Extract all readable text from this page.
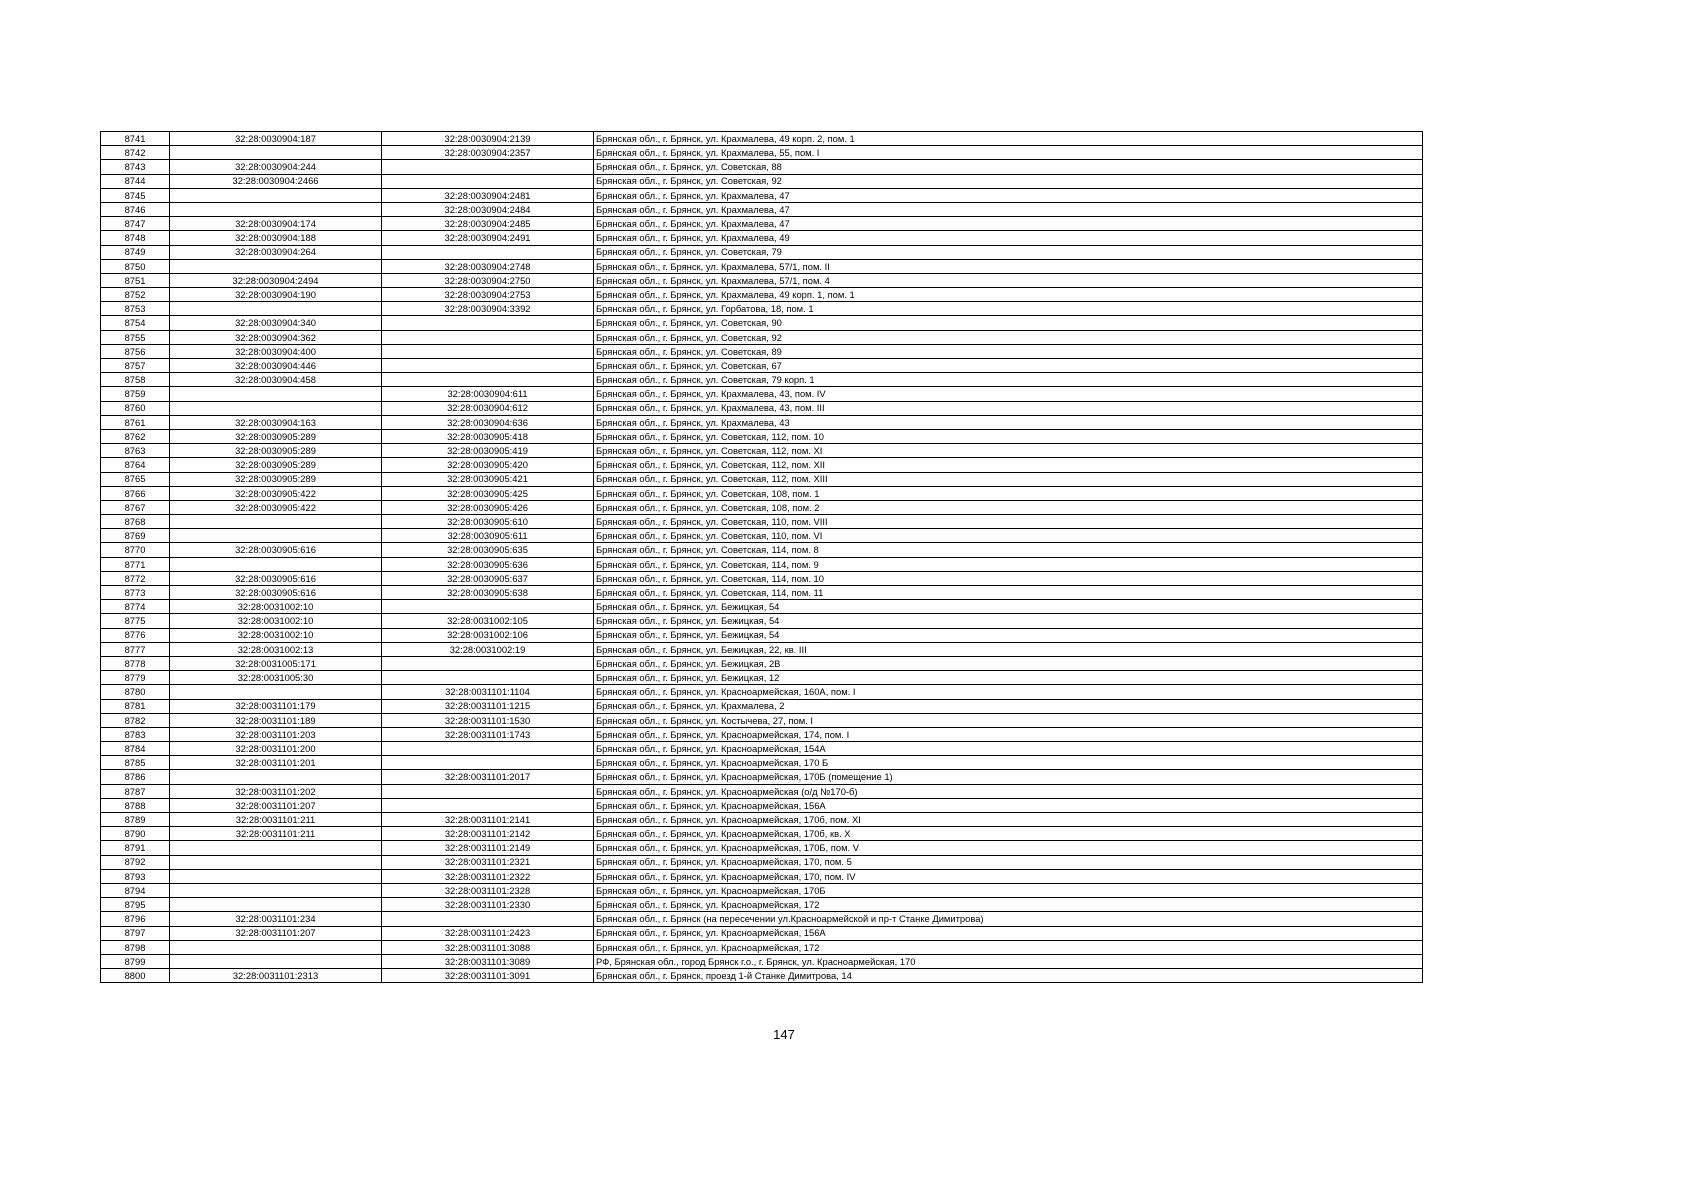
8741	32:28:0030904:187	32:28:0030904:2139	Брянская обл., г. Брянск, ул. Крахмалева, 49 корп. 2, пом. 1
8742		32:28:0030904:2357	Брянская обл., г. Брянск, ул. Крахмалева, 55, пом. I
8743	32:28:0030904:244		Брянская обл., г. Брянск, ул. Советская, 88
8744	32:28:0030904:2466		Брянская обл., г. Брянск, ул. Советская, 92
8745		32:28:0030904:2481	Брянская обл., г. Брянск, ул. Крахмалева, 47
8746		32:28:0030904:2484	Брянская обл., г. Брянск, ул. Крахмалева, 47
8747	32:28:0030904:174	32:28:0030904:2485	Брянская обл., г. Брянск, ул. Крахмалева, 47
8748	32:28:0030904:188	32:28:0030904:2491	Брянская обл., г. Брянск, ул. Крахмалева, 49
8749	32:28:0030904:264		Брянская обл., г. Брянск, ул. Советская, 79
8750		32:28:0030904:2748	Брянская обл., г. Брянск, ул. Крахмалева, 57/1, пом. II
8751	32:28:0030904:2494	32:28:0030904:2750	Брянская обл., г. Брянск, ул. Крахмалева, 57/1, пом. 4
8752	32:28:0030904:190	32:28:0030904:2753	Брянская обл., г. Брянск, ул. Крахмалева, 49 корп. 1, пом. 1
8753		32:28:0030904:3392	Брянская обл., г. Брянск, ул. Горбатова, 18, пом. 1
8754	32:28:0030904:340		Брянская обл., г. Брянск, ул. Советская, 90
8755	32:28:0030904:362		Брянская обл., г. Брянск, ул. Советская, 92
8756	32:28:0030904:400		Брянская обл., г. Брянск, ул. Советская, 89
8757	32:28:0030904:446		Брянская обл., г. Брянск, ул. Советская, 67
8758	32:28:0030904:458		Брянская обл., г. Брянск, ул. Советская, 79 корп. 1
8759		32:28:0030904:611	Брянская обл., г. Брянск, ул. Крахмалева, 43, пом. IV
8760		32:28:0030904:612	Брянская обл., г. Брянск, ул. Крахмалева, 43, пом. III
8761	32:28:0030904:163	32:28:0030904:636	Брянская обл., г. Брянск, ул. Крахмалева, 43
8762	32:28:0030905:289	32:28:0030905:418	Брянская обл., г. Брянск, ул. Советская, 112, пом. 10
8763	32:28:0030905:289	32:28:0030905:419	Брянская обл., г. Брянск, ул. Советская, 112, пом. XI
8764	32:28:0030905:289	32:28:0030905:420	Брянская обл., г. Брянск, ул. Советская, 112, пом. XII
8765	32:28:0030905:289	32:28:0030905:421	Брянская обл., г. Брянск, ул. Советская, 112, пом. XIII
8766	32:28:0030905:422	32:28:0030905:425	Брянская обл., г. Брянск, ул. Советская, 108, пом. 1
8767	32:28:0030905:422	32:28:0030905:426	Брянская обл., г. Брянск, ул. Советская, 108, пом. 2
8768		32:28:0030905:610	Брянская обл., г. Брянск, ул. Советская, 110, пом. VIII
8769		32:28:0030905:611	Брянская обл., г. Брянск, ул. Советская, 110, пом. VI
8770	32:28:0030905:616	32:28:0030905:635	Брянская обл., г. Брянск, ул. Советская, 114, пом. 8
8771		32:28:0030905:636	Брянская обл., г. Брянск, ул. Советская, 114, пом. 9
8772	32:28:0030905:616	32:28:0030905:637	Брянская обл., г. Брянск, ул. Советская, 114, пом. 10
8773	32:28:0030905:616	32:28:0030905:638	Брянская обл., г. Брянск, ул. Советская, 114, пом. 11
8774	32:28:0031002:10		Брянская обл., г. Брянск, ул. Бежицкая, 54
8775	32:28:0031002:10	32:28:0031002:105	Брянская обл., г. Брянск, ул. Бежицкая, 54
8776	32:28:0031002:10	32:28:0031002:106	Брянская обл., г. Брянск, ул. Бежицкая, 54
8777	32:28:0031002:13	32:28:0031002:19	Брянская обл., г. Брянск, ул. Бежицкая, 22, кв. III
8778	32:28:0031005:171		Брянская обл., г. Брянск, ул. Бежицкая, 2В
8779	32:28:0031005:30		Брянская обл., г. Брянск, ул. Бежицкая, 12
8780		32:28:0031101:1104	Брянская обл., г. Брянск, ул. Красноармейская, 160А, пом. I
8781	32:28:0031101:179	32:28:0031101:1215	Брянская обл., г. Брянск, ул. Крахмалева, 2
8782	32:28:0031101:189	32:28:0031101:1530	Брянская обл., г. Брянск, ул. Костычева, 27, пом. I
8783	32:28:0031101:203	32:28:0031101:1743	Брянская обл., г. Брянск, ул. Красноармейская, 174, пом. I
8784	32:28:0031101:200		Брянская обл., г. Брянск, ул. Красноармейская, 154А
8785	32:28:0031101:201		Брянская обл., г. Брянск, ул. Красноармейская, 170 Б
8786		32:28:0031101:2017	Брянская обл., г. Брянск, ул. Красноармейская, 170Б (помещение 1)
8787	32:28:0031101:202		Брянская обл., г. Брянск, ул. Красноармейская (о/д №170-б)
8788	32:28:0031101:207		Брянская обл., г. Брянск, ул. Красноармейская, 156А
8789	32:28:0031101:211	32:28:0031101:2141	Брянская обл., г. Брянск, ул. Красноармейская, 170б, пом. XI
8790	32:28:0031101:211	32:28:0031101:2142	Брянская обл., г. Брянск, ул. Красноармейская, 170б, кв. X
8791		32:28:0031101:2149	Брянская обл., г. Брянск, ул. Красноармейская, 170Б, пом. V
8792		32:28:0031101:2321	Брянская обл., г. Брянск, ул. Красноармейская, 170, пом. 5
8793		32:28:0031101:2322	Брянская обл., г. Брянск, ул. Красноармейская, 170, пом. IV
8794		32:28:0031101:2328	Брянская обл., г. Брянск, ул. Красноармейская, 170Б
8795		32:28:0031101:2330	Брянская обл., г. Брянск, ул. Красноармейская, 172
8796	32:28:0031101:234		Брянская обл., г. Брянск (на пересечении ул.Красноармейской и пр-т Станке Димитрова)
8797	32:28:0031101:207	32:28:0031101:2423	Брянская обл., г. Брянск, ул. Красноармейская, 156А
8798		32:28:0031101:3088	Брянская обл., г. Брянск, ул. Красноармейская, 172
8799		32:28:0031101:3089	РФ, Брянская обл., город Брянск г.о., г. Брянск, ул. Красноармейская, 170
8800	32:28:0031101:2313	32:28:0031101:3091	Брянская обл., г. Брянск, проезд 1-й Станке Димитрова, 14
147
